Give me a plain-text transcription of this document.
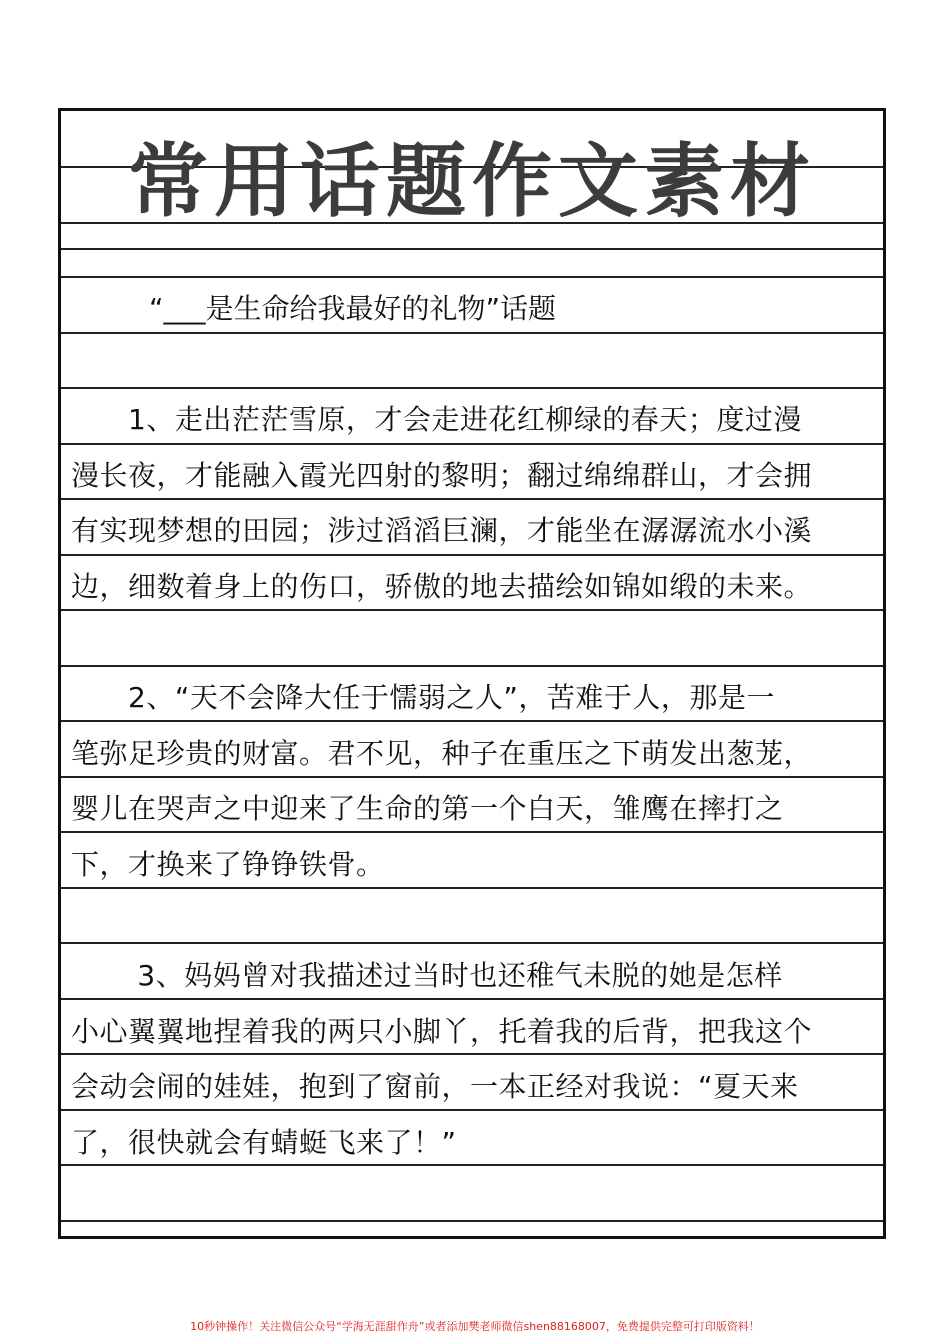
常用话题作文素材
“___是生命给我最好的礼物”话题
　　1、走出茫茫雪原，才会走进花红柳绿的春天；度过漫
漫长夜，才能融入霞光四射的黎明；翻过绵绵群山，才会拥
有实现梦想的田园；涉过滔滔巨澜，才能坐在潺潺流水小溪
边，细数着身上的伤口，骄傲的地去描绘如锦如缎的未来。
　　2、“天不会降大任于懦弱之人”，苦难于人，那是一
笔弥足珍贵的财富。君不见，种子在重压之下萌发出葱茏，
婴儿在哭声之中迎来了生命的第一个白天，雏鹰在摔打之
下，才换来了铮铮铁骨。
　　 3、妈妈曾对我描述过当时也还稚气未脱的她是怎样
小心翼翼地捏着我的两只小脚丫，托着我的后背，把我这个
会动会闹的娃娃，抱到了窗前，一本正经对我说：“夏天来
了，很快就会有蜻蜓飞来了！”
10秒钟操作！关注微信公众号“学海无涯甜作舟”或者添加樊老师微信shen88168007，免费提供完整可打印版资料！
